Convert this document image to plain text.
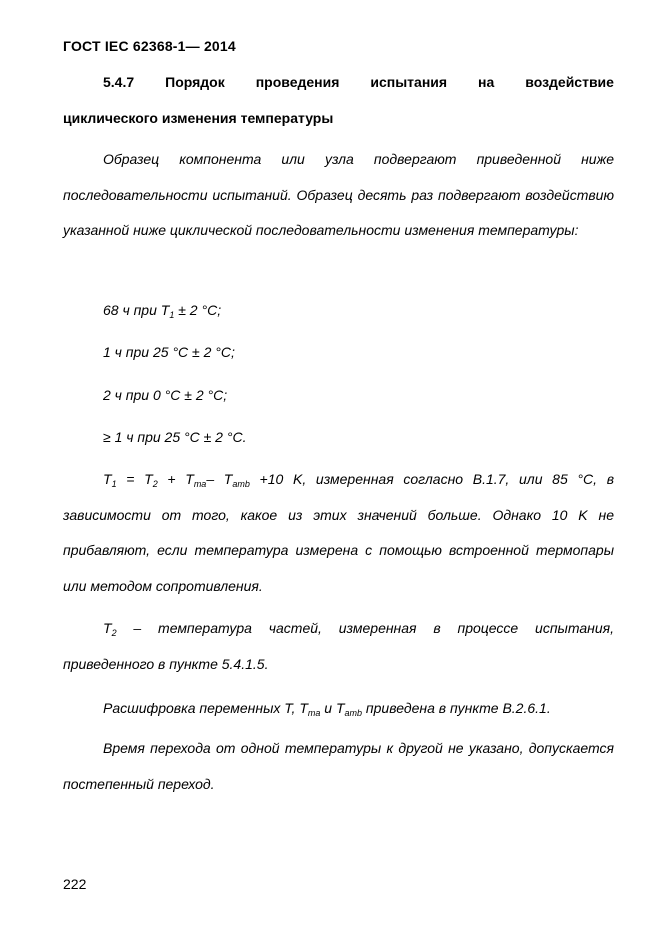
ГОСТ IEC 62368-1— 2014
5.4.7 Порядок проведения испытания на воздействие
циклического изменения температуры

Образец компонента или узла подвергают приведенной ниже последовательности испытаний. Образец десять раз подвергают воздействию указанной ниже циклической последовательности изменения температуры:

68 ч при $T_1 \pm 2$ °C;
1 ч при 25 °C ± 2 °C;
2 ч при 0 °C ± 2 °C;
≥ 1 ч при 25 °C ± 2 °C.

$T_1 = T_2 + T_{ma}-$ $T_{amb} +10$ K, измеренная согласно B.1.7, или 85 °C, в зависимости от того, какое из этих значений больше. Однако 10 K не прибавляют, если температура измерена с помощью встроенной термопары или методом сопротивления.

$T_2$ – температура частей, измеренная в процессе испытания, приведенного в пункте 5.4.1.5.

Расшифровка переменных T, $T_{ma}$ и $T_{amb}$ приведена в пункте B.2.6.1.

Время перехода от одной температуры к другой не указано, допускается постепенный переход.

222
